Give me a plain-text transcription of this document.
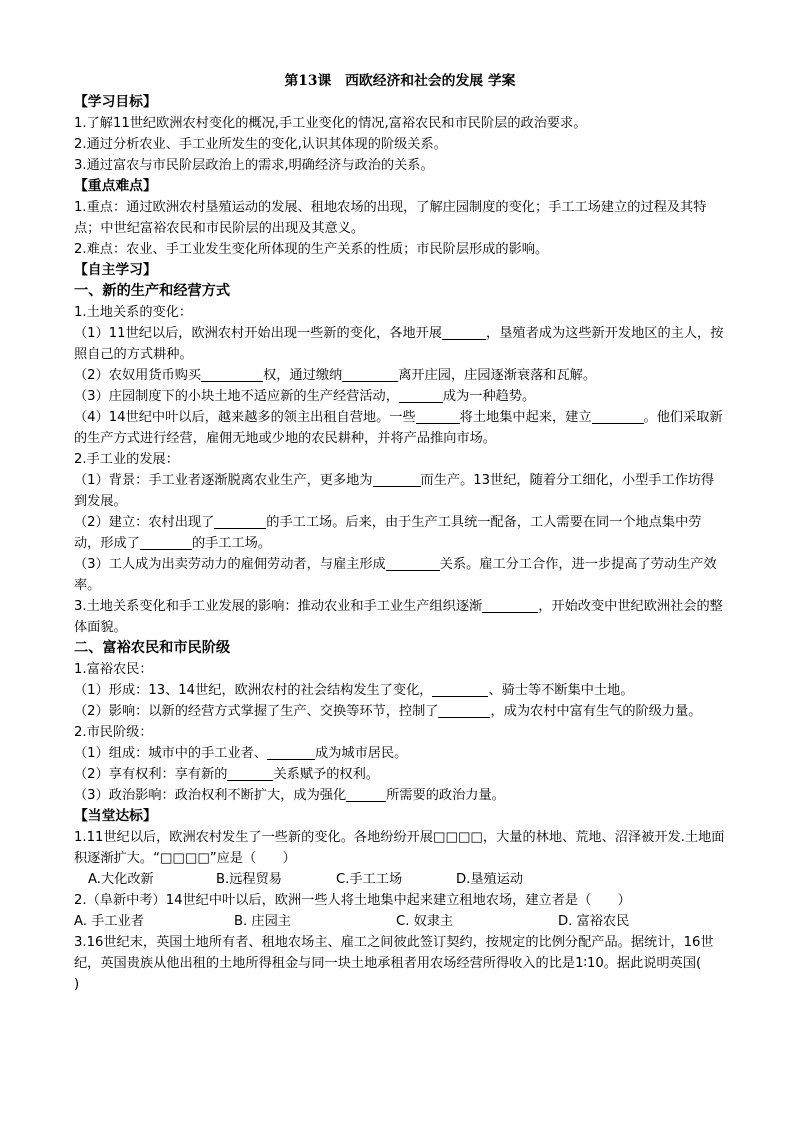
第13课　西欧经济和社会的发展 学案
【学习目标】

1.了解11世纪欧洲农村变化的概况,手工业变化的情况,富裕农民和市民阶层的政治要求。

2.通过分析农业、手工业所发生的变化,认识其体现的阶级关系。

3.通过富农与市民阶层政治上的需求,明确经济与政治的关系。

【重点难点】

1.重点：通过欧洲农村垦殖运动的发展、租地农场的出现，了解庄园制度的变化；手工工场建立的过程及其特点；中世纪富裕农民和市民阶层的出现及其意义。

2.难点：农业、手工业发生变化所体现的生产关系的性质；市民阶层形成的影响。

【自主学习】
一、新的生产和经营方式

1.土地关系的变化：

（1）11世纪以后，欧洲农村开始出现一些新的变化，各地开展	，垦殖者成为这些新开发地区的主人，按照自己的方式耕种。

（2）农奴用货币购买	权，通过缴纳	离开庄园，庄园逐渐衰落和瓦解。

（3）庄园制度下的小块土地不适应新的生产经营活动，	成为一种趋势。

（4）14世纪中叶以后，越来越多的领主出租自营地。一些	将土地集中起来，建立	。他们采取新的生产方式进行经营，雇佣无地或少地的农民耕种，并将产品推向市场。

2.手工业的发展：

（1）背景：手工业者逐渐脱离农业生产，更多地为	而生产。13世纪，随着分工细化，小型手工作坊得到发展。

（2）建立：农村出现了	的手工工场。后来，由于生产工具统一配备，工人需要在同一个地点集中劳动，形成了	的手工工场。

（3）工人成为出卖劳动力的雇佣劳动者，与雇主形成	关系。雇工分工合作，进一步提高了劳动生产效率。

3.土地关系变化和手工业发展的影响：推动农业和手工业生产组织逐渐	，开始改变中世纪欧洲社会的整体面貌。

二、富裕农民和市民阶级

1.富裕农民：

（1）形成：13、14世纪，欧洲农村的社会结构发生了变化，	、骑士等不断集中土地。

（2）影响：以新的经营方式掌握了生产、交换等环节，控制了	，成为农村中富有生气的阶级力量。

2.市民阶级：

（1）组成：城市中的手工业者、	成为城市居民。

（2）享有权利：享有新的	关系赋予的权利。

（3）政治影响：政治权利不断扩大，成为强化	所需要的政治力量。

【当堂达标】

1.11世纪以后，欧洲农村发生了一些新的变化。各地纷纷开展□□□□，大量的林地、荒地、沼泽被开发.土地面积逐渐扩大。“□□□□”应是（　　）

A.大化改新	B.远程贸易	C.手工工场	D.垦殖运动

2.（阜新中考）14世纪中叶以后，欧洲一些人将土地集中起来建立租地农场，建立者是（　　）

A. 手工业者	B. 庄园主	C. 奴隶主	D. 富裕农民

3.16世纪末，英国土地所有者、租地农场主、雇工之间彼此签订契约，按规定的比例分配产品。据统计，16世纪，英国贵族从他出租的土地所得租金与同一块土地承租者用农场经营所得收入的比是1∶10。据此说明英国(　　)
